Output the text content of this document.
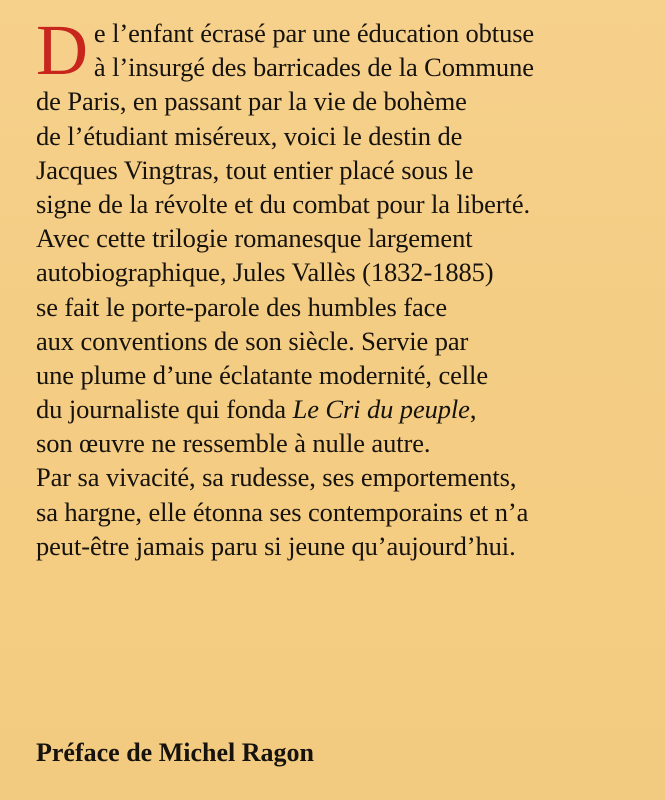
D e l’enfant écrasé par une éducation obtuse
à l’insurgé des barricades de la Commune
de Paris, en passant par la vie de bohème
de l’étudiant miséreux, voici le destin de
Jacques Vingtras, tout entier placé sous le
signe de la révolte et du combat pour la liberté.
Avec cette trilogie romanesque largement
autobiographique, Jules Vallès (1832-1885)
se fait le porte-parole des humbles face
aux conventions de son siècle. Servie par
une plume d’une éclatante modernité, celle
du journaliste qui fonda Le Cri du peuple,
son œuvre ne ressemble à nulle autre.
Par sa vivacité, sa rudesse, ses emportements,
sa hargne, elle étonna ses contemporains et n’a
peut-être jamais paru si jeune qu’aujourd’hui.
Préface de Michel Ragon
